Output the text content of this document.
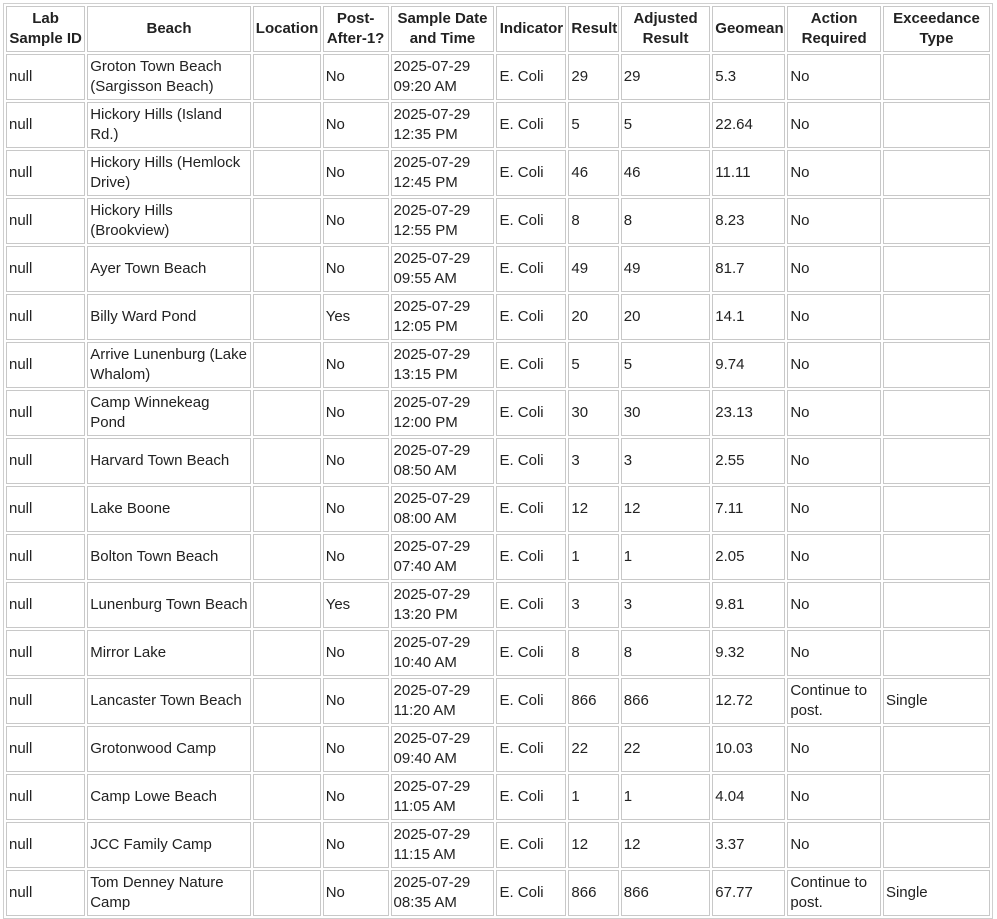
Lab Sample ID	Beach	Location	Post-After-1?	Sample Date and Time	Indicator	Result	Adjusted Result	Geomean	Action Required	Exceedance Type
null	Groton Town Beach (Sargisson Beach)		No	2025-07-29 09:20 AM	E. Coli	29	29	5.3	No	
null	Hickory Hills (Island Rd.)		No	2025-07-29 12:35 PM	E. Coli	5	5	22.64	No	
null	Hickory Hills (Hemlock Drive)		No	2025-07-29 12:45 PM	E. Coli	46	46	11.11	No	
null	Hickory Hills (Brookview)		No	2025-07-29 12:55 PM	E. Coli	8	8	8.23	No	
null	Ayer Town Beach		No	2025-07-29 09:55 AM	E. Coli	49	49	81.7	No	
null	Billy Ward Pond		Yes	2025-07-29 12:05 PM	E. Coli	20	20	14.1	No	
null	Arrive Lunenburg (Lake Whalom)		No	2025-07-29 13:15 PM	E. Coli	5	5	9.74	No	
null	Camp Winnekeag Pond		No	2025-07-29 12:00 PM	E. Coli	30	30	23.13	No	
null	Harvard Town Beach		No	2025-07-29 08:50 AM	E. Coli	3	3	2.55	No	
null	Lake Boone		No	2025-07-29 08:00 AM	E. Coli	12	12	7.11	No	
null	Bolton Town Beach		No	2025-07-29 07:40 AM	E. Coli	1	1	2.05	No	
null	Lunenburg Town Beach		Yes	2025-07-29 13:20 PM	E. Coli	3	3	9.81	No	
null	Mirror Lake		No	2025-07-29 10:40 AM	E. Coli	8	8	9.32	No	
null	Lancaster Town Beach		No	2025-07-29 11:20 AM	E. Coli	866	866	12.72	Continue to post.	Single
null	Grotonwood Camp		No	2025-07-29 09:40 AM	E. Coli	22	22	10.03	No	
null	Camp Lowe Beach		No	2025-07-29 11:05 AM	E. Coli	1	1	4.04	No	
null	JCC Family Camp		No	2025-07-29 11:15 AM	E. Coli	12	12	3.37	No	
null	Tom Denney Nature Camp		No	2025-07-29 08:35 AM	E. Coli	866	866	67.77	Continue to post.	Single
